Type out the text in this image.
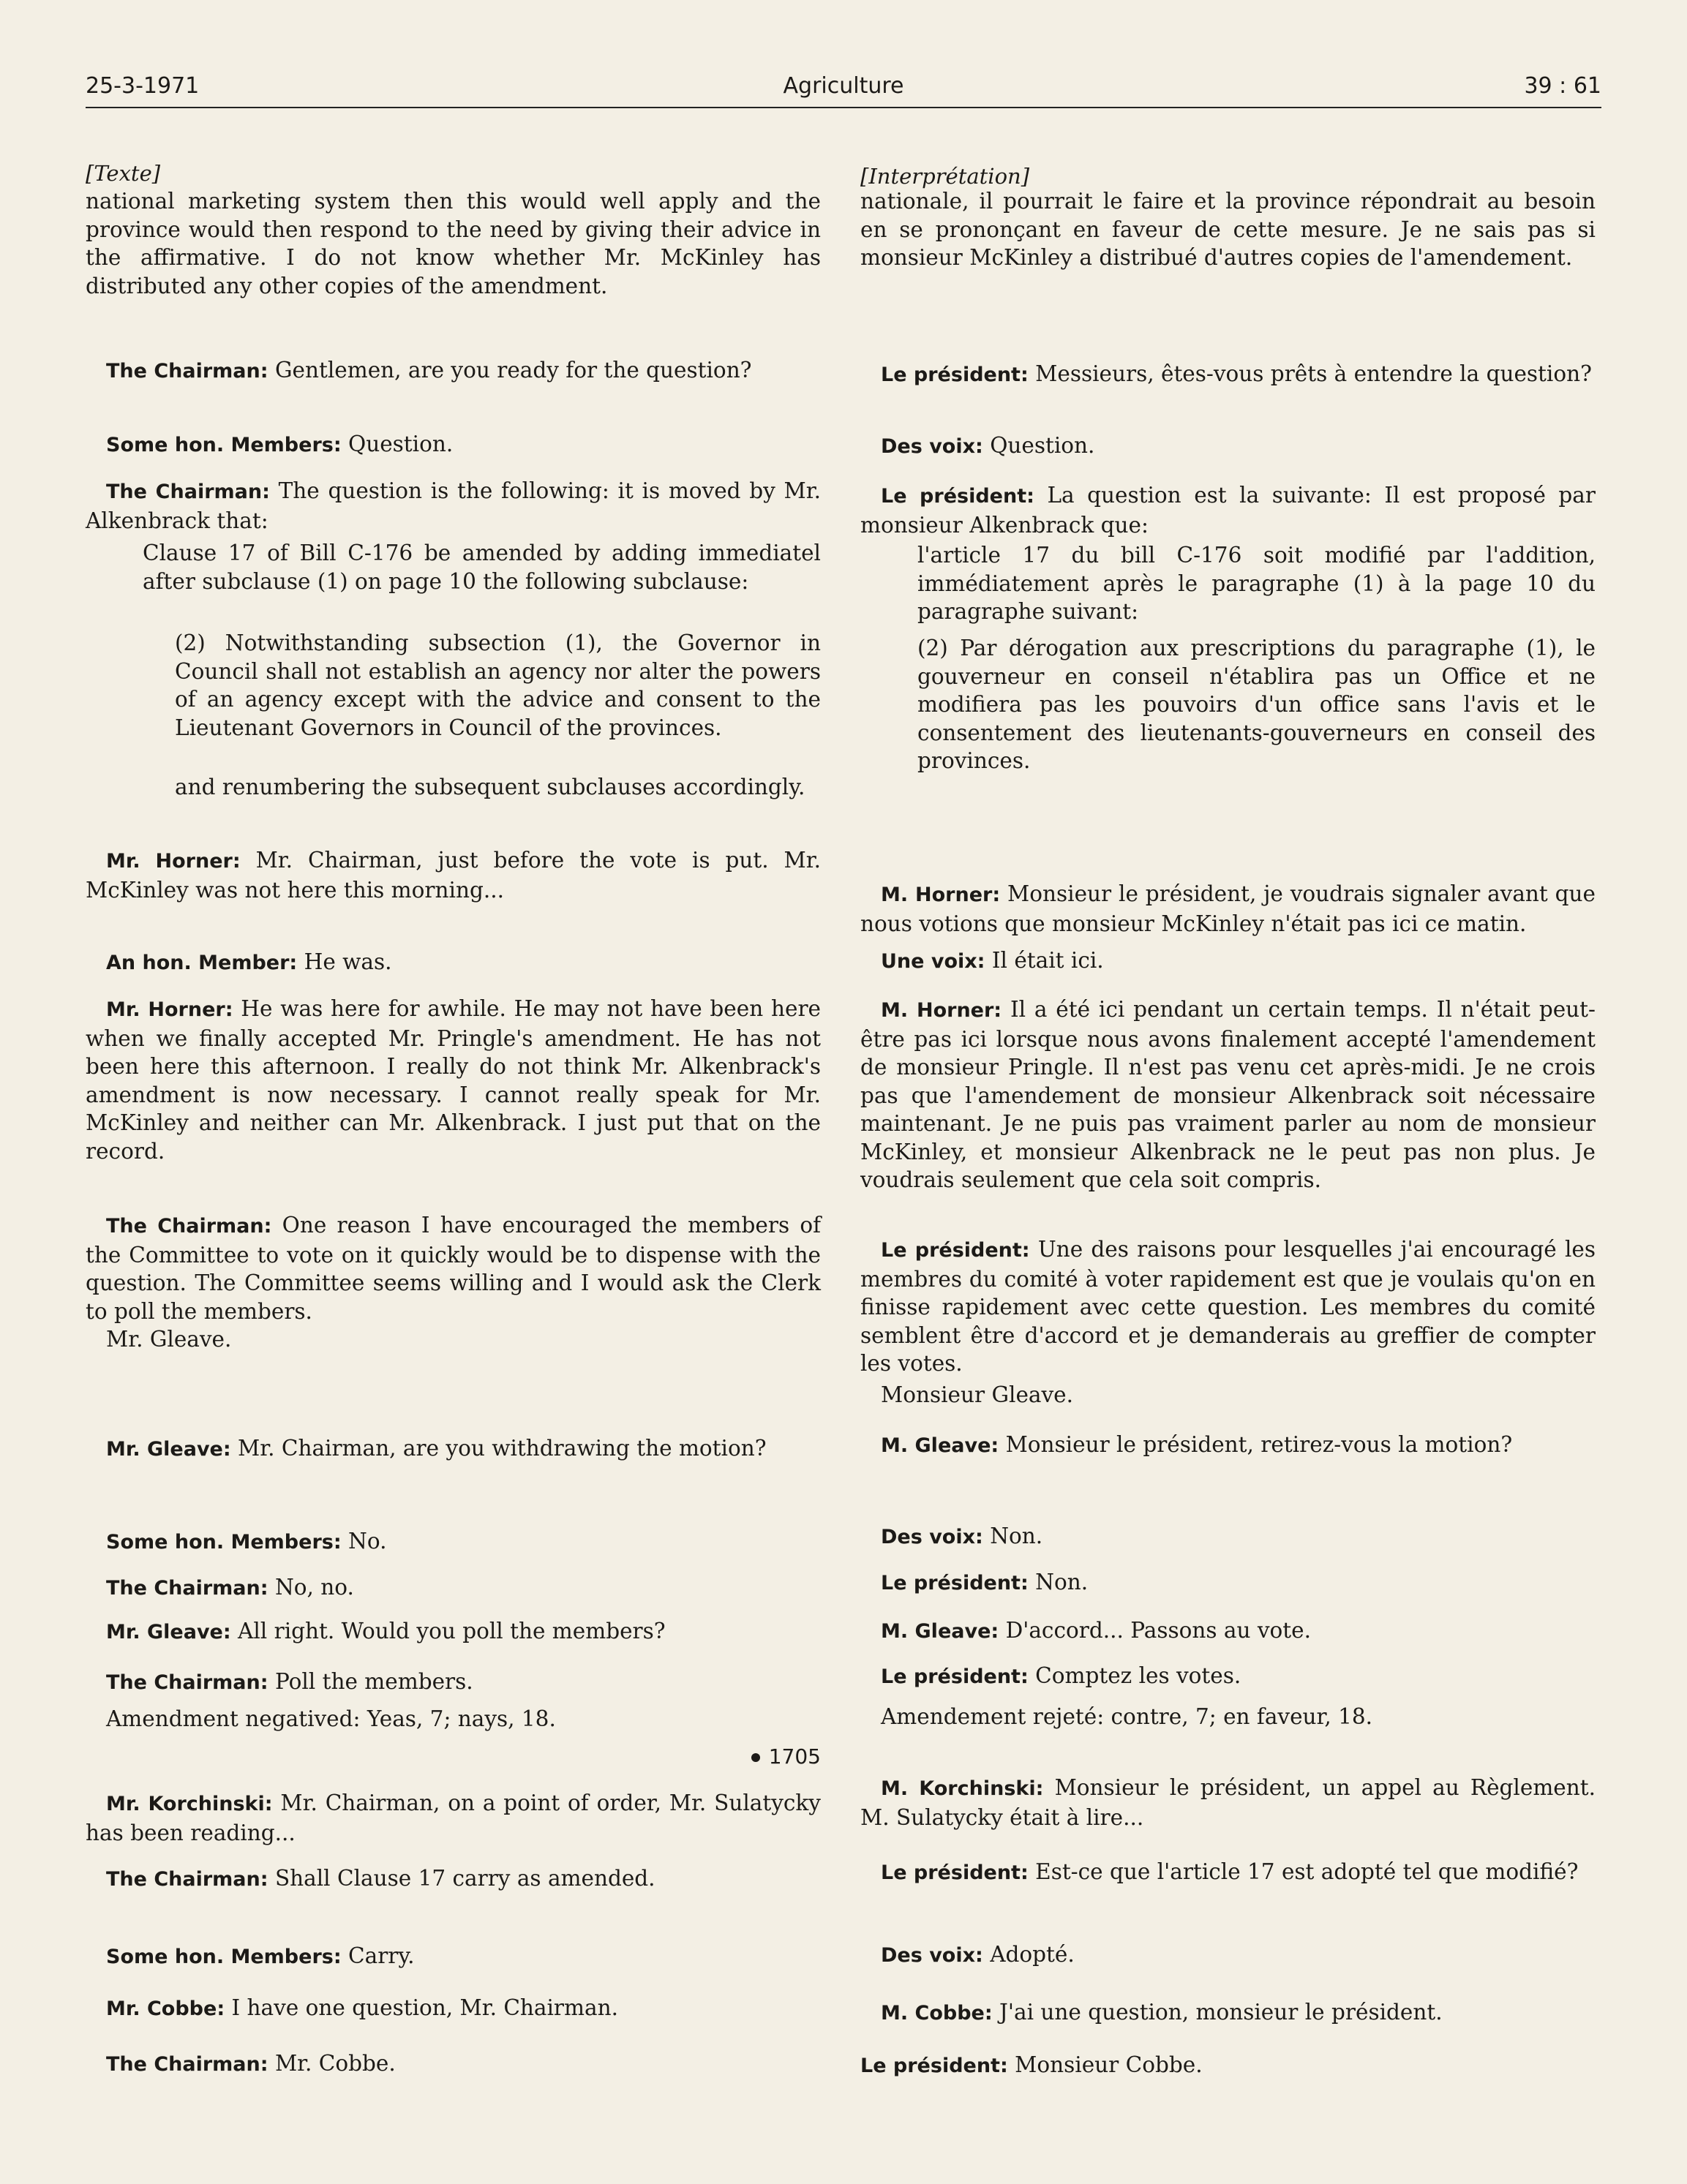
25-3-1971	Agriculture	39 : 61
[Texte]
national marketing system then this would well apply and the province would then respond to the need by giving their advice in the affirmative. I do not know whether Mr. McKinley has distributed any other copies of the amendment.
The Chairman: Gentlemen, are you ready for the question?
Some hon. Members: Question.
The Chairman: The question is the following: it is moved by Mr. Alkenbrack that:
Clause 17 of Bill C-176 be amended by adding immediatel after subclause (1) on page 10 the following subclause:
(2) Notwithstanding subsection (1), the Governor in Council shall not establish an agency nor alter the powers of an agency except with the advice and consent to the Lieutenant Governors in Council of the provinces.
and renumbering the subsequent subclauses accordingly.
Mr. Horner: Mr. Chairman, just before the vote is put. Mr. McKinley was not here this morning...
An hon. Member: He was.
Mr. Horner: He was here for awhile. He may not have been here when we finally accepted Mr. Pringle's amendment. He has not been here this afternoon. I really do not think Mr. Alkenbrack's amendment is now necessary. I cannot really speak for Mr. McKinley and neither can Mr. Alkenbrack. I just put that on the record.
The Chairman: One reason I have encouraged the members of the Committee to vote on it quickly would be to dispense with the question. The Committee seems willing and I would ask the Clerk to poll the members.
Mr. Gleave.
Mr. Gleave: Mr. Chairman, are you withdrawing the motion?
Some hon. Members: No.
The Chairman: No, no.
Mr. Gleave: All right. Would you poll the members?
The Chairman: Poll the members.
Amendment negatived: Yeas, 7; nays, 18.
1705
Mr. Korchinski: Mr. Chairman, on a point of order, Mr. Sulatycky has been reading...
The Chairman: Shall Clause 17 carry as amended.
Some hon. Members: Carry.
Mr. Cobbe: I have one question, Mr. Chairman.
The Chairman: Mr. Cobbe.
[Interprétation]
nationale, il pourrait le faire et la province répondrait au besoin en se prononçant en faveur de cette mesure. Je ne sais pas si monsieur McKinley a distribué d'autres copies de l'amendement.
Le président: Messieurs, êtes-vous prêts à entendre la question?
Des voix: Question.
Le président: La question est la suivante: Il est proposé par monsieur Alkenbrack que:
l'article 17 du bill C-176 soit modifié par l'addition, immédiatement après le paragraphe (1) à la page 10 du paragraphe suivant:
(2) Par dérogation aux prescriptions du paragraphe (1), le gouverneur en conseil n'établira pas un Office et ne modifiera pas les pouvoirs d'un office sans l'avis et le consentement des lieutenants-gouverneurs en conseil des provinces.
M. Horner: Monsieur le président, je voudrais signaler avant que nous votions que monsieur McKinley n'était pas ici ce matin.
Une voix: Il était ici.
M. Horner: Il a été ici pendant un certain temps. Il n'était peut-être pas ici lorsque nous avons finalement accepté l'amendement de monsieur Pringle. Il n'est pas venu cet après-midi. Je ne crois pas que l'amendement de monsieur Alkenbrack soit nécessaire maintenant. Je ne puis pas vraiment parler au nom de monsieur McKinley, et monsieur Alkenbrack ne le peut pas non plus. Je voudrais seulement que cela soit compris.
Le président: Une des raisons pour lesquelles j'ai encouragé les membres du comité à voter rapidement est que je voulais qu'on en finisse rapidement avec cette question. Les membres du comité semblent être d'accord et je demanderais au greffier de compter les votes.
Monsieur Gleave.
M. Gleave: Monsieur le président, retirez-vous la motion?
Des voix: Non.
Le président: Non.
M. Gleave: D'accord... Passons au vote.
Le président: Comptez les votes.
Amendement rejeté: contre, 7; en faveur, 18.
M. Korchinski: Monsieur le président, un appel au Règlement. M. Sulatycky était à lire...
Le président: Est-ce que l'article 17 est adopté tel que modifié?
Des voix: Adopté.
M. Cobbe: J'ai une question, monsieur le président.
Le président: Monsieur Cobbe.
